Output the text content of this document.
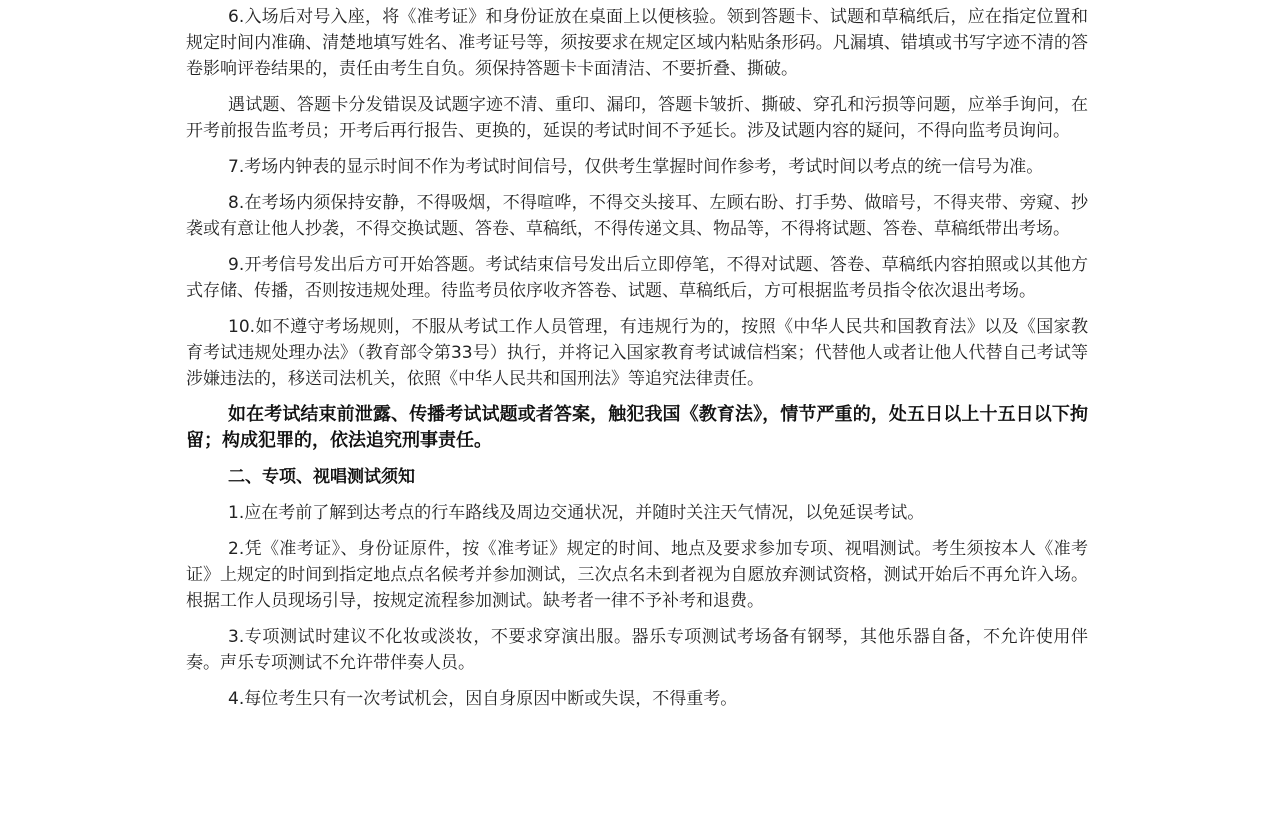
6.入场后对号入座，将《准考证》和身份证放在桌面上以便核验。领到答题卡、试题和草稿纸后，应在指定位置和规定时间内准确、清楚地填写姓名、准考证号等，须按要求在规定区域内粘贴条形码。凡漏填、错填或书写字迹不清的答卷影响评卷结果的，责任由考生自负。须保持答题卡卡面清洁、不要折叠、撕破。

遇试题、答题卡分发错误及试题字迹不清、重印、漏印，答题卡皱折、撕破、穿孔和污损等问题，应举手询问，在开考前报告监考员；开考后再行报告、更换的，延误的考试时间不予延长。涉及试题内容的疑问，不得向监考员询问。

7.考场内钟表的显示时间不作为考试时间信号，仅供考生掌握时间作参考，考试时间以考点的统一信号为准。

8.在考场内须保持安静，不得吸烟，不得喧哗，不得交头接耳、左顾右盼、打手势、做暗号，不得夹带、旁窥、抄袭或有意让他人抄袭，不得交换试题、答卷、草稿纸，不得传递文具、物品等，不得将试题、答卷、草稿纸带出考场。

9.开考信号发出后方可开始答题。考试结束信号发出后立即停笔，不得对试题、答卷、草稿纸内容拍照或以其他方式存储、传播，否则按违规处理。待监考员依序收齐答卷、试题、草稿纸后，方可根据监考员指令依次退出考场。

10.如不遵守考场规则，不服从考试工作人员管理，有违规行为的，按照《中华人民共和国教育法》以及《国家教育考试违规处理办法》（教育部令第33号）执行，并将记入国家教育考试诚信档案；代替他人或者让他人代替自己考试等涉嫌违法的，移送司法机关，依照《中华人民共和国刑法》等追究法律责任。

如在考试结束前泄露、传播考试试题或者答案，触犯我国《教育法》，情节严重的，处五日以上十五日以下拘留；构成犯罪的，依法追究刑事责任。

二、专项、视唱测试须知

1.应在考前了解到达考点的行车路线及周边交通状况，并随时关注天气情况，以免延误考试。

2.凭《准考证》、身份证原件，按《准考证》规定的时间、地点及要求参加专项、视唱测试。考生须按本人《准考证》上规定的时间到指定地点点名候考并参加测试，三次点名未到者视为自愿放弃测试资格，测试开始后不再允许入场。根据工作人员现场引导，按规定流程参加测试。缺考者一律不予补考和退费。

3.专项测试时建议不化妆或淡妆，不要求穿演出服。器乐专项测试考场备有钢琴，其他乐器自备，不允许使用伴奏。声乐专项测试不允许带伴奏人员。

4.每位考生只有一次考试机会，因自身原因中断或失误，不得重考。
